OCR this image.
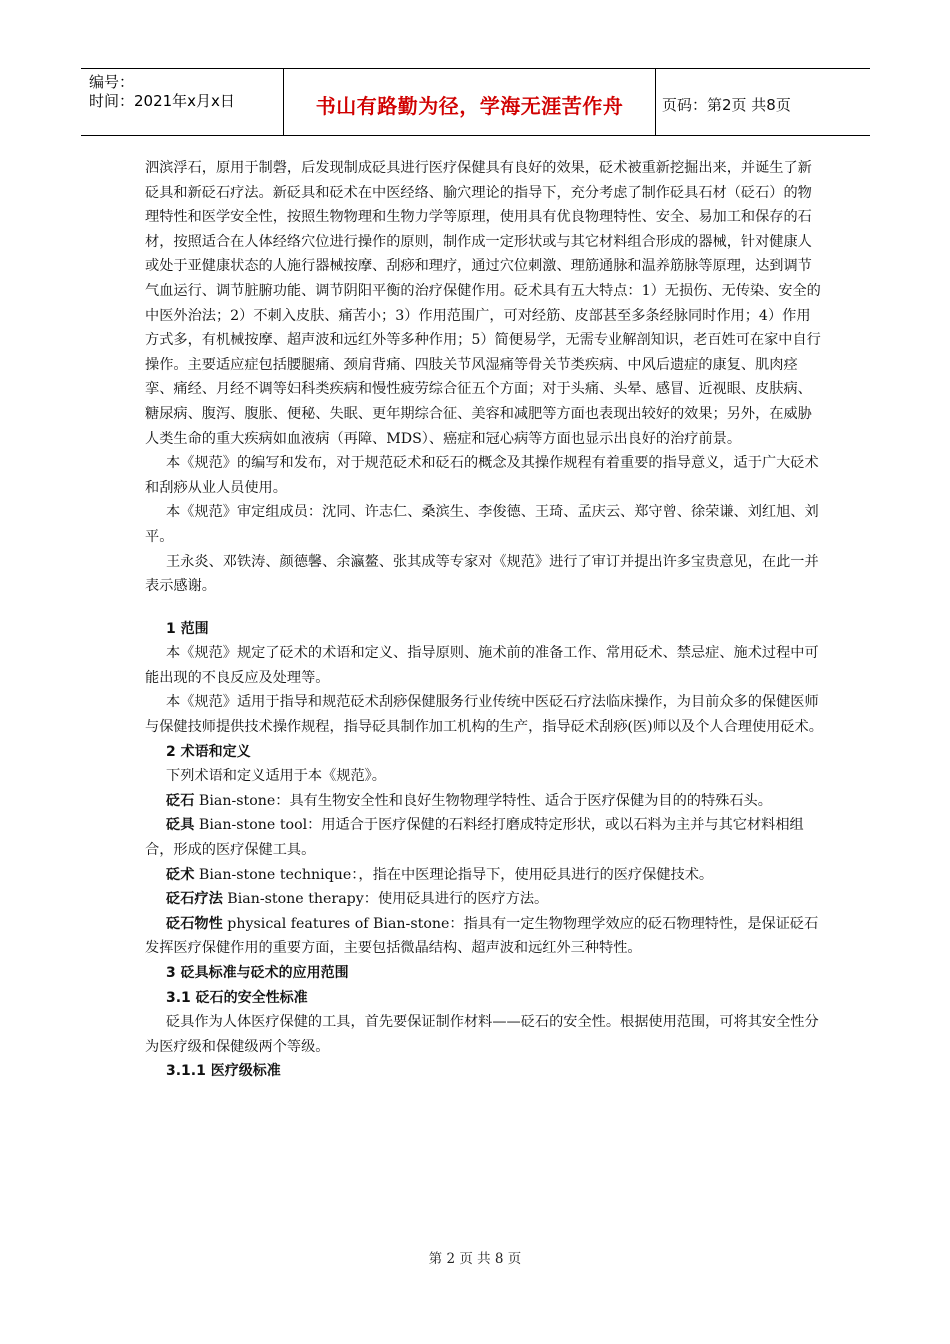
编号：
时间：2021年x月x日	书山有路勤为径，学海无涯苦作舟	页码：第2页 共8页

泗滨浮石，原用于制磬，后发现制成砭具进行医疗保健具有良好的效果，砭术被重新挖掘出来，并诞生了新砭具和新砭石疗法。新砭具和砭术在中医经络、腧穴理论的指导下，充分考虑了制作砭具石材（砭石）的物理特性和医学安全性，按照生物物理和生物力学等原理，使用具有优良物理特性、安全、易加工和保存的石材，按照适合在人体经络穴位进行操作的原则，制作成一定形状或与其它材料组合形成的器械，针对健康人或处于亚健康状态的人施行器械按摩、刮痧和理疗，通过穴位刺激、理筋通脉和温养筋脉等原理，达到调节气血运行、调节脏腑功能、调节阴阳平衡的治疗保健作用。砭术具有五大特点：1）无损伤、无传染、安全的中医外治法；2）不刺入皮肤、痛苦小；3）作用范围广，可对经筋、皮部甚至多条经脉同时作用；4）作用方式多，有机械按摩、超声波和远红外等多种作用；5）简便易学，无需专业解剖知识，老百姓可在家中自行操作。主要适应症包括腰腿痛、颈肩背痛、四肢关节风湿痛等骨关节类疾病、中风后遗症的康复、肌肉痉挛、痛经、月经不调等妇科类疾病和慢性疲劳综合征五个方面；对于头痛、头晕、感冒、近视眼、皮肤病、糖尿病、腹泻、腹胀、便秘、失眠、更年期综合征、美容和减肥等方面也表现出较好的效果；另外，在威胁人类生命的重大疾病如血液病（再障、MDS）、癌症和冠心病等方面也显示出良好的治疗前景。

本《规范》的编写和发布，对于规范砭术和砭石的概念及其操作规程有着重要的指导意义，适于广大砭术和刮痧从业人员使用。

本《规范》审定组成员：沈同、许志仁、桑滨生、李俊德、王琦、孟庆云、郑守曾、徐荣谦、刘红旭、刘平。

王永炎、邓铁涛、颜德馨、余瀛鳌、张其成等专家对《规范》进行了审订并提出许多宝贵意见，在此一并表示感谢。

1 范围

本《规范》规定了砭术的术语和定义、指导原则、施术前的准备工作、常用砭术、禁忌症、施术过程中可能出现的不良反应及处理等。

本《规范》适用于指导和规范砭术刮痧保健服务行业传统中医砭石疗法临床操作，为目前众多的保健医师与保健技师提供技术操作规程，指导砭具制作加工机构的生产，指导砭术刮痧(医)师以及个人合理使用砭术。

2 术语和定义

下列术语和定义适用于本《规范》。

砭石 Bian-stone：具有生物安全性和良好生物物理学特性、适合于医疗保健为目的的特殊石头。

砭具 Bian-stone tool：用适合于医疗保健的石料经打磨成特定形状，或以石料为主并与其它材料相组合，形成的医疗保健工具。

砭术 Bian-stone technique：，指在中医理论指导下，使用砭具进行的医疗保健技术。

砭石疗法 Bian-stone therapy：使用砭具进行的医疗方法。

砭石物性 physical features of Bian-stone：指具有一定生物物理学效应的砭石物理特性，是保证砭石发挥医疗保健作用的重要方面，主要包括微晶结构、超声波和远红外三种特性。

3 砭具标准与砭术的应用范围

3.1 砭石的安全性标准

砭具作为人体医疗保健的工具，首先要保证制作材料——砭石的安全性。根据使用范围，可将其安全性分为医疗级和保健级两个等级。

3.1.1 医疗级标准

第 2 页 共 8 页
